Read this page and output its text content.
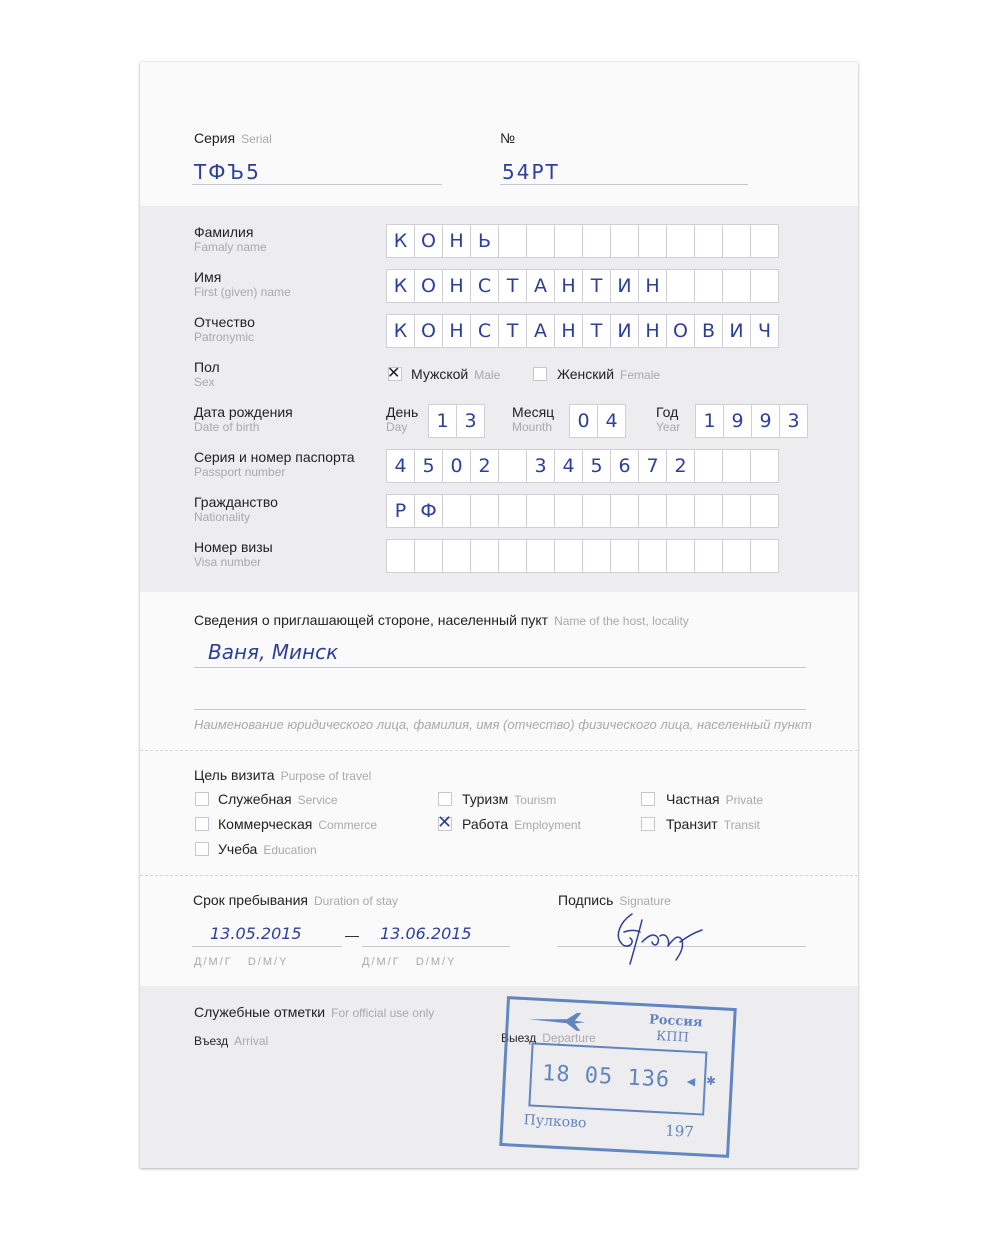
Серия Serial
ТФЪ5
№
54РТ
Фамилия
Famaly name	К О Н Ь
Имя
First (given) name	К О Н С Т А Н Т И Н
Отчество
Patronymic	К О Н С Т А Н Т И Н О В И Ч
Пол
Sex	✕ Мужской Male	Женский Female
Дата рождения
Date of birth
День
Day	1 3	Месяц
Mounth	0 4	Год
Year	1 9 9 3
Серия и номер паспорта
Passport number	4 5 0 2	3 4 5 6 7 2
Гражданство
Nationality	Р Ф
Номер визы
Visa number
Сведения о приглашающей стороне, населенный пукт Name of the host, locality
Ваня, Минск
Наименование юридического лица, фамилия, имя (отчество) физического лица, населенный пункт
Цель визита Purpose of travel
Служебная Service
Коммерческая Commerce
Учеба Education
Туризм Tourism
✕ Работа Employment
Частная Private
Транзит Transit
Срок пребывания Duration of stay
13.05.2015	— 13.06.2015
Д/М/Г D/M/Y	Д/М/Г D/M/Y
Подпись Signature
Служебные отметки For official use only
Въезд Arrival	Выезд Departure
Россия
КПП
18 05 136 ◂ ✱
Пулково	197
